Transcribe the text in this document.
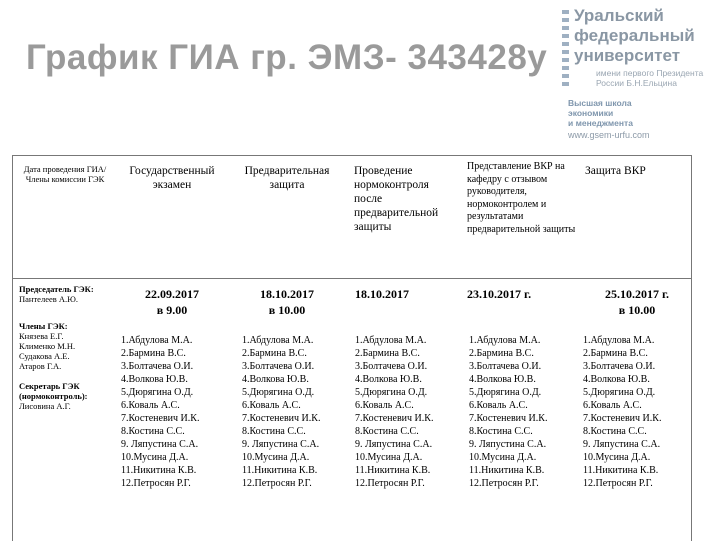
График ГИА гр. ЭМЗ- 343428у
Уральский
федеральный
университет
имени первого Президента
России Б.Н.Ельцина
Высшая школа
экономики
и менеджмента
www.gsem-urfu.com
Дата проведения ГИА/ Члены комиссии ГЭК
Председатель ГЭК:
Пантелеев А.Ю.
Члены ГЭК:
Князева Е.Г.
Клименко М.Н.
Судакова А.Е.
Атаров Г.А.
Секретарь ГЭК (нормоконтроль):
Лисовина А.Г.
Государственный экзамен
Предварительная защита
Проведение нормоконтроля после предварительной защиты
Представление ВКР на кафедру с отзывом руководителя, нормоконтролем и результатами предварительной защиты
Защита ВКР
22.09.2017
в 9.00
18.10.2017
в 10.00
18.10.2017	23.10.2017 г.	25.10.2017 г.
в 10.00
1.Абдулова М.А.
2.Бармина В.С.
3.Болтачева О.И.
4.Волкова Ю.В.
5.Дюрягина О.Д.
6.Коваль А.С.
7.Костеневич И.К.
8.Костина С.С.
9. Ляпустина С.А.
10.Мусина Д.А.
11.Никитина К.В.
12.Петросян Р.Г.
1.Абдулова М.А.
2.Бармина В.С.
3.Болтачева О.И.
4.Волкова Ю.В.
5.Дюрягина О.Д.
6.Коваль А.С.
7.Костеневич И.К.
8.Костина С.С.
9. Ляпустина С.А.
10.Мусина Д.А.
11.Никитина К.В.
12.Петросян Р.Г.
1.Абдулова М.А.
2.Бармина В.С.
3.Болтачева О.И.
4.Волкова Ю.В.
5.Дюрягина О.Д.
6.Коваль А.С.
7.Костеневич И.К.
8.Костина С.С.
9. Ляпустина С.А.
10.Мусина Д.А.
11.Никитина К.В.
12.Петросян Р.Г.
1.Абдулова М.А.
2.Бармина В.С.
3.Болтачева О.И.
4.Волкова Ю.В.
5.Дюрягина О.Д.
6.Коваль А.С.
7.Костеневич И.К.
8.Костина С.С.
9. Ляпустина С.А.
10.Мусина Д.А.
11.Никитина К.В.
12.Петросян Р.Г.
1.Абдулова М.А.
2.Бармина В.С.
3.Болтачева О.И.
4.Волкова Ю.В.
5.Дюрягина О.Д.
6.Коваль А.С.
7.Костеневич И.К.
8.Костина С.С.
9. Ляпустина С.А.
10.Мусина Д.А.
11.Никитина К.В.
12.Петросян Р.Г.
